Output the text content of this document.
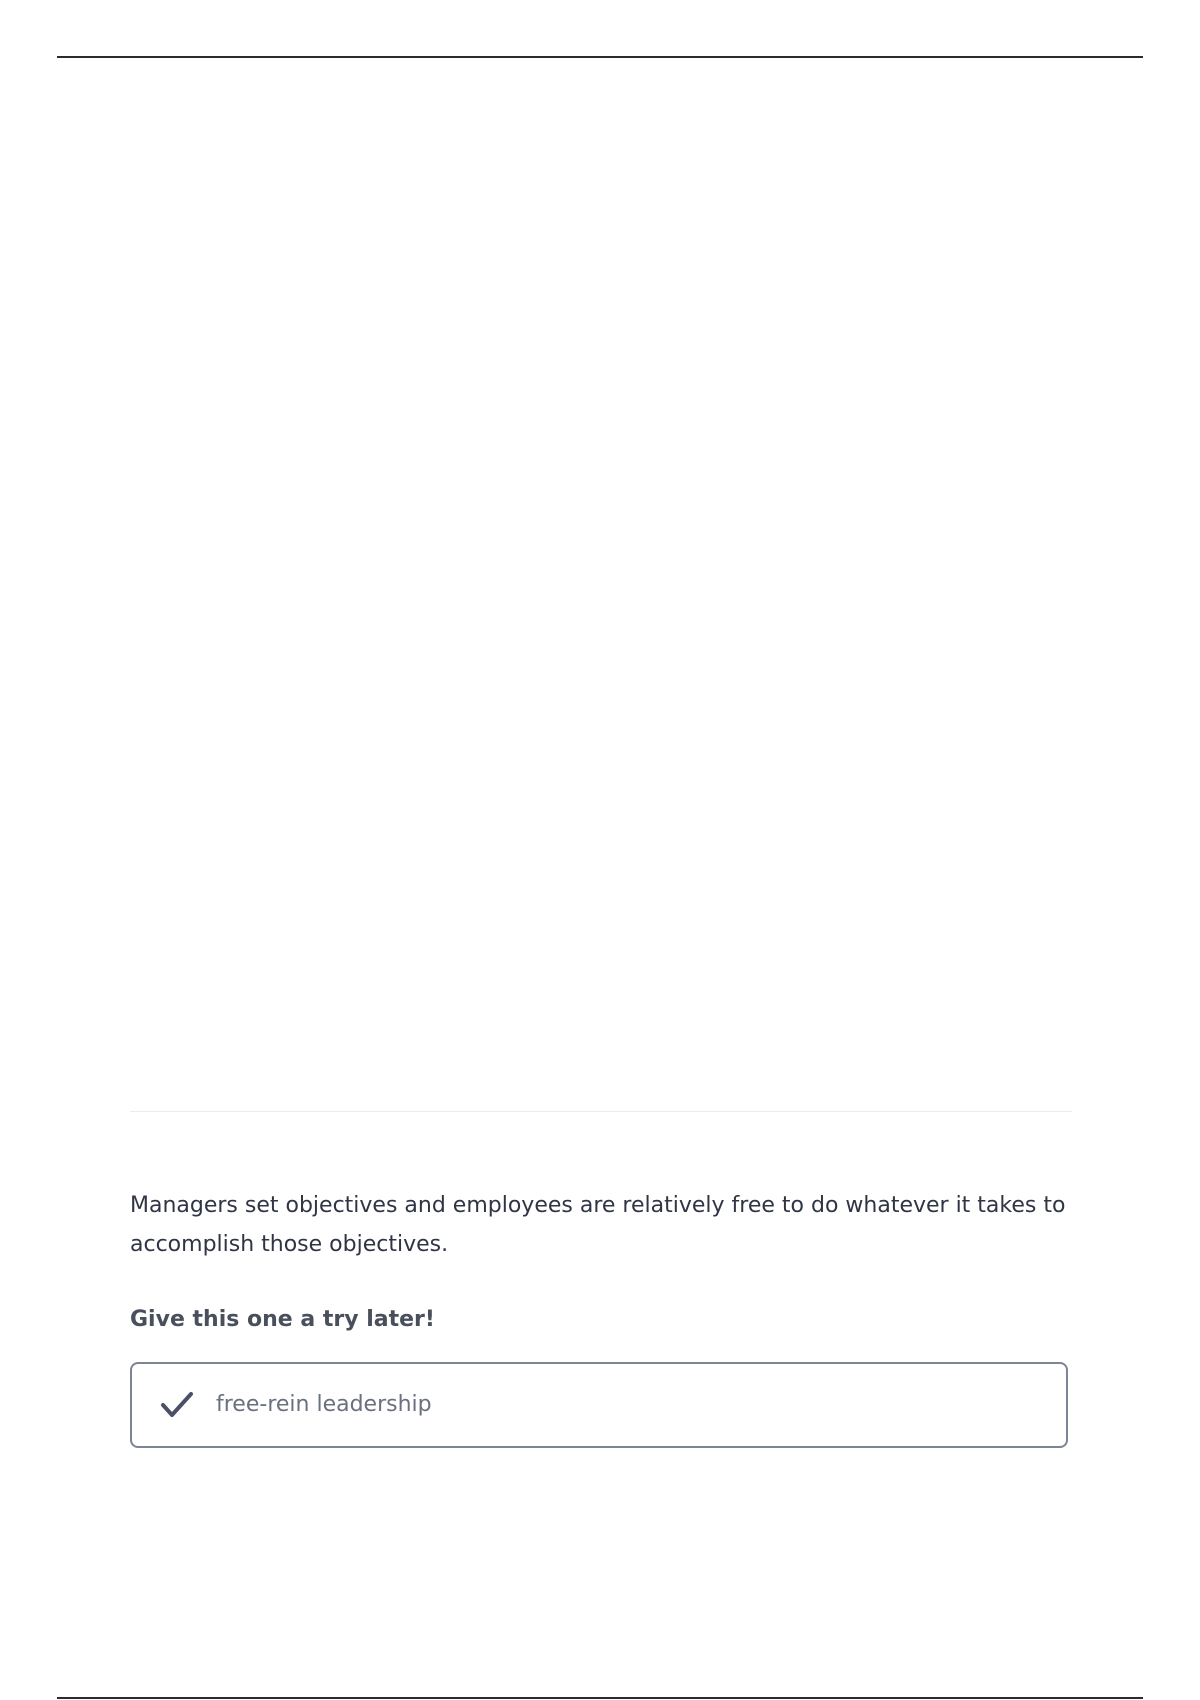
Managers set objectives and employees are relatively free to do whatever it takes to accomplish those objectives.

Give this one a try later!

free-rein leadership
